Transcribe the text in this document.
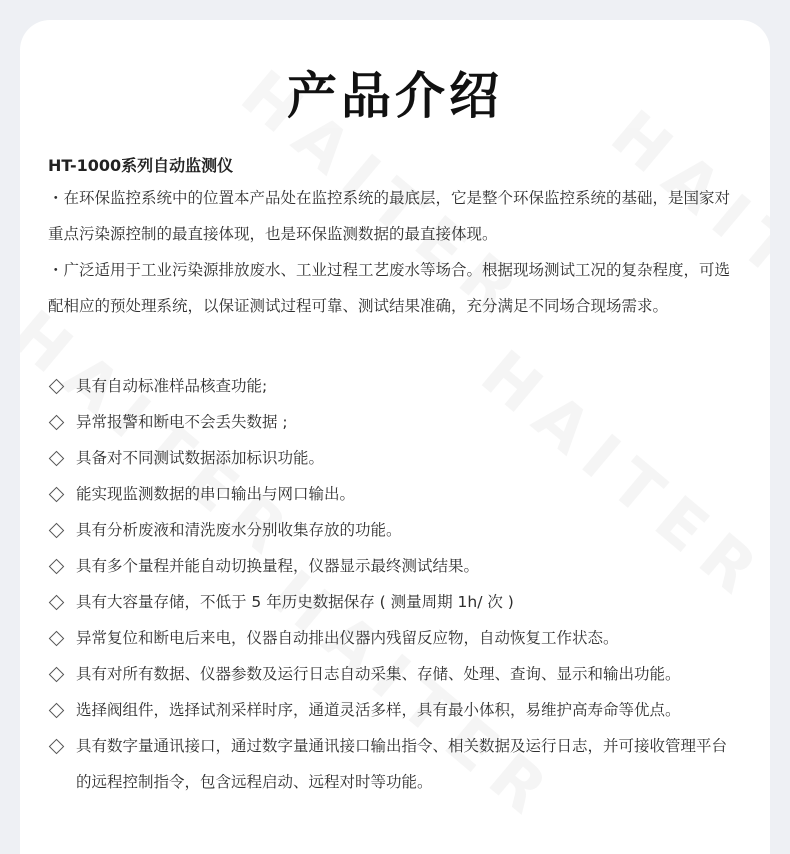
产品介绍

HT-1000系列自动监测仪

・在环保监控系统中的位置本产品处在监控系统的最底层，它是整个环保监控系统的基础，是国家对重点污染源控制的最直接体现，也是环保监测数据的最直接体现。

・广泛适用于工业污染源排放废水、工业过程工艺废水等场合。根据现场测试工况的复杂程度，可选配相应的预处理系统，以保证测试过程可靠、测试结果准确，充分满足不同场合现场需求。

具有自动标准样品核查功能;
异常报警和断电不会丢失数据 ;
具备对不同测试数据添加标识功能。
能实现监测数据的串口输出与网口输出。
具有分析废液和清洗废水分别收集存放的功能。
具有多个量程并能自动切换量程，仪器显示最终测试结果。
具有大容量存储，不低于 5 年历史数据保存 ( 测量周期 1h/ 次 )
异常复位和断电后来电，仪器自动排出仪器内残留反应物，自动恢复工作状态。
具有对所有数据、仪器参数及运行日志自动采集、存储、处理、查询、显示和输出功能。
选择阀组件，选择试剂采样时序，通道灵活多样，具有最小体积，易维护高寿命等优点。
具有数字量通讯接口，通过数字量通讯接口输出指令、相关数据及运行日志，并可接收管理平台的远程控制指令，包含远程启动、远程对时等功能。
